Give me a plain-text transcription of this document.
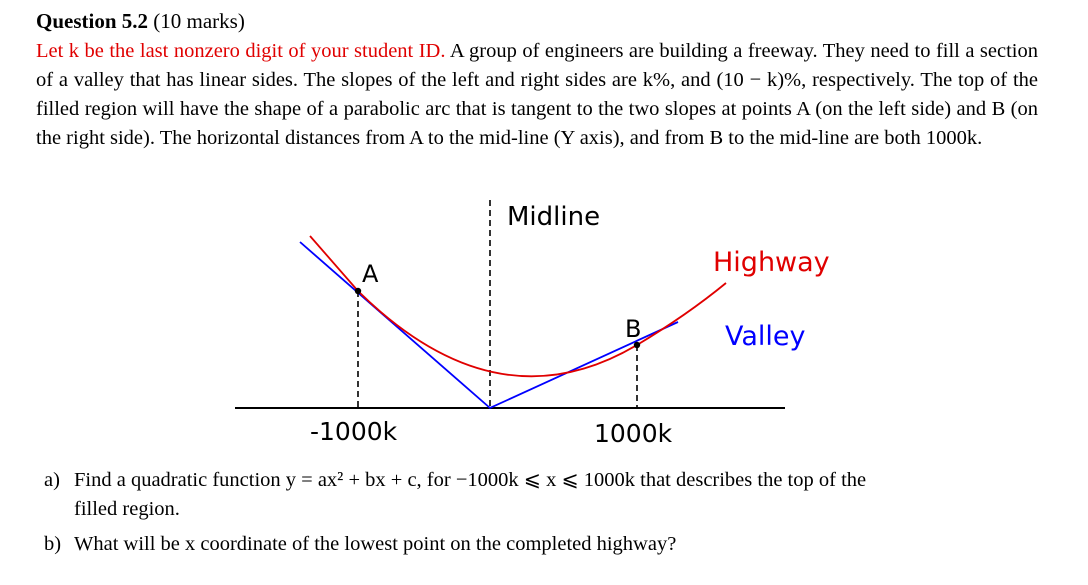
Question 5.2 (10 marks)
Let k be the last nonzero digit of your student ID. A group of engineers are building a freeway. They need to fill a section of a valley that has linear sides. The slopes of the left and right sides are k%, and (10 − k)%, respectively. The top of the filled region will have the shape of a parabolic arc that is tangent to the two slopes at points A (on the left side) and B (on the right side). The horizontal distances from A to the mid-line (Y axis), and from B to the mid-line are both 1000k.
Midline
A
B
Highway
Valley
-1000k	1000k
a) Find a quadratic function y = ax² + bx + c, for −1000k ⩽ x ⩽ 1000k that describes the top of the
filled region.
b) What will be x coordinate of the lowest point on the completed highway?
